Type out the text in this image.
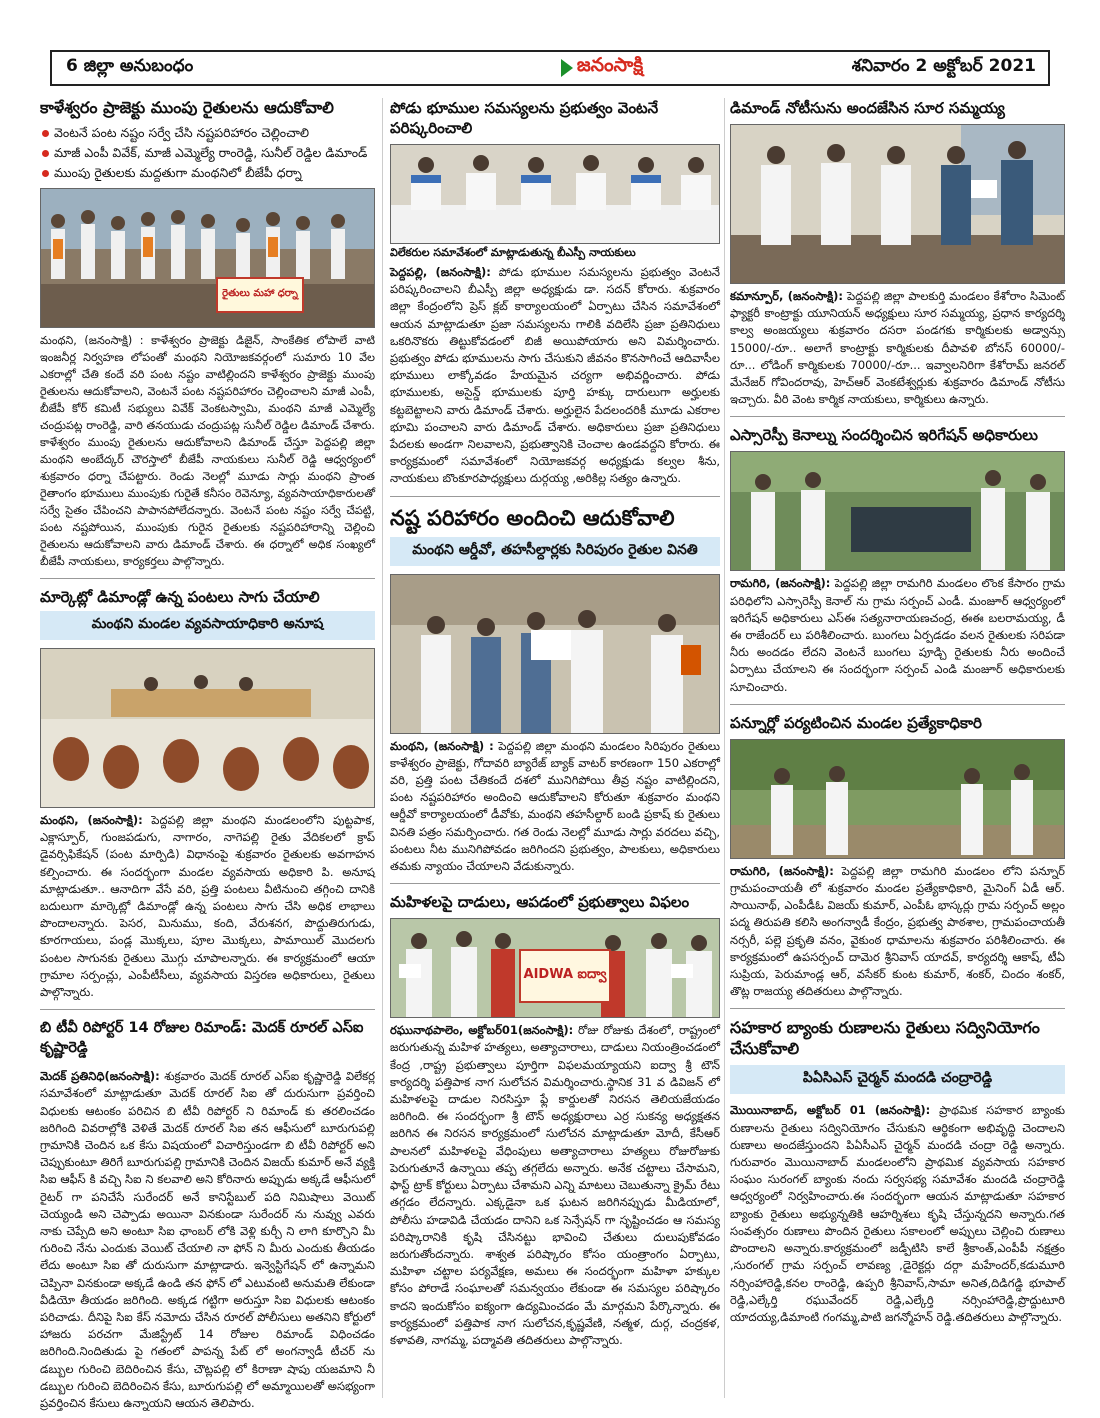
6 జిల్లా అనుబంధం	జనంసాక్షి	శనివారం 2 అక్టోబర్ 2021
కాళేశ్వరం ప్రాజెక్టు ముంపు రైతులను ఆదుకోవాలి
వెంటనే పంట నష్టం సర్వే చేసి నష్టపరిహారం చెల్లించాలి
మాజీ ఎంపీ వివేక్, మాజీ ఎమ్మెల్యే రాంరెడ్డి, సునీల్ రెడ్డిల డిమాండ్
ముంపు రైతులకు మద్దతుగా మంథనిలో బీజేపీ ధర్నా
రైతులు మహా ధర్నా

మంథని, (జనంసాక్షి) : కాళేశ్వరం ప్రాజెక్టు డిజైన్, సాంకేతిక లోపాలే వాటి ఇంజనీర్ల నిర్వహణ లోపంతో మంథని నియోజకవర్గంలో సుమారు 10 వేల ఎకరాల్లో చేతి కందే వరి పంట నష్టం వాటిల్లిందని కాళేశ్వరం ప్రాజెక్టు ముంపు రైతులను ఆదుకోవాలని, వెంటనే పంట నష్టపరిహారం చెల్లించాలని మాజీ ఎంపీ, బీజేపీ కోర్ కమిటీ సభ్యులు వివేక్ వెంకటస్వామి, మంథని మాజీ ఎమ్మెల్యే చంద్రుపట్ల రాంరెడ్డి, వారి తనయుడు చంద్రుపట్ల సునీల్ రెడ్డిల డిమాండ్ చేశారు. కాళేశ్వరం ముంపు రైతులను ఆదుకోవాలని డిమాండ్ చేస్తూ పెద్దపల్లి జిల్లా మంథని అంబేద్కర్ చౌరస్తాలో బీజేపీ నాయకులు సునీల్ రెడ్డి ఆధ్వర్యంలో శుక్రవారం ధర్నా చేపట్టారు. రెండు నెలల్లో మూడు సార్లు మంథని ప్రాంత రైతాంగం భూములు ముంపుకు గురైతే కనీసం రెవెన్యూ, వ్యవసాయాధికారులతో సర్వే సైతం చేపించని పాపానపోలేదన్నారు. వెంటనే పంట నష్టం సర్వే చేపట్టి, పంట నష్టపోయిన, ముంపుకు గురైన రైతులకు నష్టపరిహారాన్ని చెల్లించి రైతులను ఆదుకోవాలని వారు డిమాండ్ చేశారు. ఈ ధర్నాలో అధిక సంఖ్యలో బీజేపీ నాయకులు, కార్యకర్తలు పాల్గొన్నారు.

మార్కెట్లో డిమాండ్లో ఉన్న పంటలు సాగు చేయాలి
మంథని మండల వ్యవసాయాధికారి అనూష

మంథని, (జనంసాక్షి): పెద్దపల్లి జిల్లా మంథని మండలంలోని పుట్టపాక, ఎక్లాస్పూర్, గుంజపడుగు, నాగారం, నాగెపల్లి రైతు వేదికలలో క్రాప్ డైవర్సిఫికేషన్ (పంట మార్పిడి) విధానంపై శుక్రవారం రైతులకు అవగాహన కల్పించారు. ఈ సందర్భంగా మండల వ్యవసాయ అధికారి పి. అనూష మాట్లాడుతూ.. ఆనాదిగా వేసే వరి, ప్రత్తి పంటలు వీటినుంచి తగ్గించి దానికి బదులుగా మార్కెట్లో డిమాండ్లో ఉన్న పంటలు సాగు చేసి అధిక లాభాలు పొందాలన్నారు. పెసర, మినుము, కంది, వేరుశనగ, పొద్దుతిరుగుడు, కూరగాయలు, పండ్ల మొక్కలు, పూల మొక్కలు, పామాయిల్ మొదలగు పంటల సాగునకు రైతులు మొగ్గు చూపాలన్నారు. ఈ కార్యక్రమంలో ఆయా గ్రామాల సర్పంచ్లు, ఎంపీటీసీలు, వ్యవసాయ విస్తరణ అధికారులు, రైతులు పాల్గొన్నారు.

బి టీవీ రిపోర్టర్ 14 రోజుల రిమాండ్: మెదక్ రూరల్ ఎస్ఐ కృష్ణారెడ్డి

మెదక్ ప్రతినిధి(జనంసాక్షి): శుక్రవారం మెదక్ రూరల్ ఎస్ఐ కృష్ణారెడ్డి విలేకర్ల సమావేశంలో మాట్లాడుతూ మెదక్ రూరల్ సిఐ తో దురుసుగా ప్రవర్తించి విధులకు ఆటంకం పరిచిన బి టీవీ రిపోర్టర్ ని రిమాండ్ కు తరలించడం జరిగింది వివరాల్లోకి వెళితే మెదక్ రూరల్ సిఐ తన ఆఫీసులో బూరుగుపల్లి గ్రామానికి చెందిన ఒక కేసు విషయంలో విచారిస్తుండగా బి టీవీ రిపోర్టర్ అని చెప్పుకుంటూ తిరిగే బూరుగుపల్లి గ్రామానికి చెందిన విజయ్ కుమార్ అనే వ్యక్తి సిఐ ఆఫీస్ కి వచ్చి సిఐ ని కలవాలి అని కోరినారు అప్పుడు అక్కడే ఆఫీసులో రైటర్ గా పనిచేసే సురేందర్ అనే కానిస్టేబుల్ పది నిమిషాలు వెయిట్ చెయ్యండి అని చెప్పాడు అయినా వినకుండా సురేందర్ ను నువ్వు ఎవరు నాకు చెప్పేది అని అంటూ సిఐ ఛాంబర్ లోకి వెళ్లి కుర్చీ ని లాగి కూర్చొని మీ గురించి నేను ఎందుకు వెయిట్ చేయాలి నా ఫోన్ ని మీరు ఎందుకు తీయడం లేదు అంటూ సిఐ తో దురుసుగా మాట్లాడారు. ఇన్వెస్టిగేషన్ లో ఉన్నామని చెప్పినా వినకుండా అక్కడే ఉండి తన ఫోన్ లో ఎటువంటి అనుమతి లేకుండా వీడియో తీయడం జరిగింది. అక్కడ గట్టిగా అరుస్తూ సిఐ విధులకు ఆటంకం పరిచాడు. దీనిపై సిఐ కేస్ నమోదు చేసిన రూరల్ పోలీసులు అతనిని కోర్టులో హాజరు పరచగా మేజిస్ట్రేట్ 14 రోజుల రిమాండ్ విధించడం జరిగింది.నిందితుడు పై గతంలో పాపన్న పేట్ లో అంగన్వాడీ టీచర్ ను డబ్బుల గురించి బెదిరించిన కేసు, చౌట్లపల్లి లో కిరాణా షాపు యజమాని నీ డబ్బుల గురించి బెదిరించిన కేసు, బూరుగుపల్లి లో అమ్మాయిలతో అసభ్యంగా ప్రవర్తించిన కేసులు ఉన్నాయని ఆయన తెలిపారు.

పోడు భూముల సమస్యలను ప్రభుత్వం వెంటనే పరిష్కరించాలి
విలేకరుల సమావేశంలో మాట్లాడుతున్న బీఎస్పీ నాయకులు

పెద్దపల్లి, (జనంసాక్షి): పోడు భూముల సమస్యలను ప్రభుత్వం వెంటనే పరిష్కరించాలని బీఎస్పీ జిల్లా అధ్యక్షుడు డా. సదన్ కోరారు. శుక్రవారం జిల్లా కేంద్రంలోని ప్రెస్ క్లబ్ కార్యాలయంలో ఏర్పాటు చేసిన సమావేశంలో ఆయన మాట్లాడుతూ ప్రజా సమస్యలను గాలికి వదిలేసి ప్రజా ప్రతినిధులు ఒకరినొకరు తిట్టుకోవడంలో బిజీ అయిపోయారు అని విమర్శించారు. ప్రభుత్వం పోడు భూములను సాగు చేసుకుని జీవనం కొనసాగించే ఆదివాసీల భూములు లాక్కోవడం హేయమైన చర్యగా అభివర్ణించారు. పోడు భూములకు, అసైన్డ్ భూములకు పూర్తి హక్కు దారులుగా అర్హులకు కట్టబెట్టాలని వారు డిమాండ్ చేశారు. అర్హులైన పేదలందరికీ మూడు ఎకరాల భూమి పంచాలని వారు డిమాండ్ చేశారు. అధికారులు ప్రజా ప్రతినిధులు పేదలకు అండగా నిలవాలని, ప్రభుత్వానికి చెంచాల ఉండవద్దని కోరారు. ఈ కార్యక్రమంలో సమావేశంలో నియోజకవర్గ అధ్యక్షుడు కల్వల శీను, నాయకులు బొంకూరపాధ్యక్షులు దుర్గయ్య ,అరికిల్ల సత్యం ఉన్నారు.

నష్ట పరిహారం అందించి ఆదుకోవాలి
మంథని ఆర్డీవో, తహసీల్దార్లకు సిరిపురం రైతుల వినతి

మంథని, (జనంసాక్షి) : పెద్దపల్లి జిల్లా మంథని మండలం సిరిపురం రైతులు కాళేశ్వరం ప్రాజెక్టు, గోదావరి బ్యారేజ్ బ్యాక్ వాటర్ కారణంగా 150 ఎకరాల్లో వరి, ప్రత్తి పంట చేతికందే దశలో మునిగిపోయి తీవ్ర నష్టం వాటిల్లిందని, పంట నష్టపరిహారం అందించి ఆదుకోవాలని కోరుతూ శుక్రవారం మంథని ఆర్డీవో కార్యాలయంలో డీవోకు, మంథని తహసీల్దార్ బండి ప్రకాష్ కు రైతులు వినతి పత్రం సమర్పించారు. గత రెండు నెలల్లో మూడు సార్లు వరదలు వచ్చి, పంటలు నీట మునిగిపోవడం జరిగిందని ప్రభుత్వం, పాలకులు, అధికారులు తమకు న్యాయం చేయాలని వేడుకున్నారు.

మహిళలపై దాడులు, ఆపడంలో ప్రభుత్వాలు విఫలం
AIDWA ఐద్వా

రఘునాథపాలెం, అక్టోబర్01(జనంసాక్షి): రోజు రోజుకు దేశంలో, రాష్ట్రంలో జరుగుతున్న మహిళ హత్యలు, అత్యాచారాలు, దాడులు నియంత్రించడంలో కేంద్ర ,రాష్ట్ర ప్రభుత్వాలు పూర్తిగా విఫలమయ్యాయని ఐద్వా శ్రీ టౌన్ కార్యదర్శి పత్తిపాక నాగ సులోచన విమర్శించారు.స్థానిక 31 వ డివిజన్ లో మహిళలపై దాడుల నిరసిస్తూ ఫ్లే కార్డులతో నిరసన తెలియజేయడం జరిగింది. ఈ సందర్భంగా శ్రీ టౌన్ అధ్యక్షురాలు ఎర్ర సుకన్య అధ్యక్షతన జరిగిన ఈ నిరసన కార్యక్రమంలో సులోచన మాట్లాడుతూ మోదీ, కేసీఆర్ పాలనలో మహిళలపై వేధింపులు అత్యాచారాలు హత్యలు రోజురోజుకు పెరుగుతూనే ఉన్నాయి తప్ప తగ్గలేదు అన్నారు. అనేక చట్టాలు చేసామని, ఫాస్ట్ ట్రాక్ కోర్టులు ఏర్పాటు చేశామని ఎన్ని మాటలు చెబుతున్నా క్రైమ్ రేటు తగ్గడం లేదన్నారు. ఎక్కడైనా ఒక ఘటన జరిగినప్పుడు మీడియాలో, పోలీసు హడావిడి చేయడం దానిని ఒక సెన్సేషన్ గా సృష్టించడం ఆ సమస్య పరిష్కారానికి కృషి చేసినట్టు భావించి చేతులు దులుపుకోవడం జరుగుతోందన్నారు. శాశ్వత పరిష్కారం కోసం యంత్రాంగం ఏర్పాటు, మహిళా చట్టాల పర్యవేక్షణ, అమలు ఈ సందర్భంగా మహిళా హక్కుల కోసం పోరాడే సంఘాలతో సమన్వయం లేకుండా ఈ సమస్యల పరిష్కారం కాదని ఇందుకోసం ఐక్యంగా ఉద్యమించడం మే మార్గమని పేర్కొన్నారు. ఈ కార్యక్రమంలో పత్తిపాక నాగ సులోచన,కృష్ణవేణి, నత్మళ, దుర్గ, చంద్రకళ, కళావతి, నాగమ్మ, పద్మావతి తదితరులు పాల్గొన్నారు.

డిమాండ్ నోటీసును అందజేసిన సూర సమ్మయ్య

కమాన్పూర్, (జనంసాక్షి): పెద్దపల్లి జిల్లా పాలకుర్తి మండలం కేశోరాం సిమెంట్ ఫ్యాక్టరీ కాంట్రాక్టు యూనియన్ అధ్యక్షులు సూర సమ్మయ్య, ప్రధాన కార్యదర్శి కాల్వ అంజయ్యలు శుక్రవారం దసరా పండగకు కార్మికులకు అడ్వాన్సు 15000/-రూ.. అలాగే కాంట్రాక్టు కార్మికులకు దీపావళి బోనస్ 60000/-రూ... లోడింగ్ కార్మికులకు 70000/-రూ... ఇవ్వాలనిరిగా కేశోరామ్ జనరల్ మేనేజర్ గోవిందరావు, హెచ్ఆర్ వెంకటేశ్వర్లుకు శుక్రవారం డిమాండ్ నోటీసు ఇచ్చారు. వీరి వెంట కార్మిక నాయకులు, కార్మికులు ఉన్నారు.

ఎస్సారెస్పీ కెనాల్ను సందర్శించిన ఇరిగేషన్ అధికారులు

రామగిరి, (జనంసాక్షి): పెద్దపల్లి జిల్లా రామగిరి మండలం లొంక కేసారం గ్రామ పరిధిలోని ఎస్సారెస్పీ కెనాల్ ను గ్రామ సర్పంచ్ ఎండీ. మంజూర్ ఆధ్వర్యంలో ఇరిగేషన్ అధికారులు ఎస్ఈ సత్యనారాయణచంద్ర, ఈఈ బలరామయ్య, డీ ఈ రాజేందర్ లు పరిశీలించారు. బుంగలు ఏర్పడడం వలన రైతులకు సరిపడా నీరు అందడం లేదని వెంటనే బుంగలు పూడ్చి రైతులకు నీరు అందించే ఏర్పాటు చేయాలని ఈ సందర్భంగా సర్పంచ్ ఎండి మంజూర్ అధికారులకు సూచించారు.

పన్నూర్లో పర్యటించిన మండల ప్రత్యేకాధికారి

రామగిరి, (జనంసాక్షి): పెద్దపల్లి జిల్లా రామగిరి మండలం లోని పన్నూర్ గ్రామపంచాయతీ లో శుక్రవారం మండల ప్రత్యేకాధికారి, మైనింగ్ ఏడీ ఆర్. సాయినాథ్, ఎంపీడీఓ విజయ్ కుమార్, ఎంపీఓ భాస్కర్లు గ్రామ సర్పంచ్ అల్లం పద్మ తిరుపతి కలిసి అంగన్వాడీ కేంద్రం, ప్రభుత్వ పాఠశాల, గ్రామపంచాయతీ నర్సరీ, పల్లె ప్రకృతి వనం, వైకుంఠ ధామాలను శుక్రవారం పరిశీలించారు. ఈ కార్యక్రమంలో ఉపసర్పంచ్ దామెర శ్రీనివాస్ యాదవ్, కార్యదర్శి ఆకాష్, టీఏ సుప్రియ, పెరుమాండ్ల ఆర్, వసేకర్ కుంట కుమార్, శంకర్, చిందం శంకర్, తొట్ల రాజయ్య తదితరులు పాల్గొన్నారు.

సహకార బ్యాంకు రుణాలను రైతులు సద్వినియోగం చేసుకోవాలి
పిఏసిఎస్ చైర్మన్ మందడి చంద్రారెడ్డి

మొయినాబాద్, అక్టోబర్ 01 (జనంసాక్షి): ప్రాథమిక సహకార బ్యాంకు రుణాలను రైతులు సద్వినియోగం చేసుకుని ఆర్థికంగా అభివృద్ధి చెందాలని రుణాలు అందజేస్తుందని పిఏసీఎస్ చైర్మన్ మందడి చంద్రా రెడ్డి అన్నారు. గురువారం మొయినాబాద్ మండలంలోని ప్రాథమిక వ్యవసాయ సహకార సంఘం సురంగల్ బ్యాంకు నందు సర్వసభ్య సమావేశం మందడి చంద్రారెడ్డి ఆధ్వర్యంలో నిర్వహించారు.ఈ సందర్భంగా ఆయన మాట్లాడుతూ సహకార బ్యాంకు రైతులు అభ్యున్నతికి ఆహర్నిశలు కృషి చేస్తున్నదని అన్నారు.గత సంవత్సరం రుణాలు పొందిన రైతులు సకాలంలో అప్పులు చెల్లించి రుణాలు పొందాలని అన్నారు.కార్యక్రమంలో జడ్పీటిసి కాలే శ్రీకాంత్,ఎంపీపీ నక్షత్రం ,సురంగల్ గ్రామ సర్పంచ్ లావణ్య ,డైరెక్టర్లు దర్గా మహేందర్,కడుమూరి నర్సింహారెడ్డి,కనల రాంరెడ్డి, ఉప్పరి శ్రీనివాస్,సామా అనిత,దిడిగడ్డి భూపాల్ రెడ్డి,ఎల్కేర్తి రఘువేందర్ రెడ్డి,ఎల్కేర్తి నర్సింహారెడ్డి,ప్రొద్దుటూరి యాదయ్య,డిమాంటి గంగమ్మ,పాటి జగన్మోహన్ రెడ్డి.తదితరులు పాల్గొన్నారు.
